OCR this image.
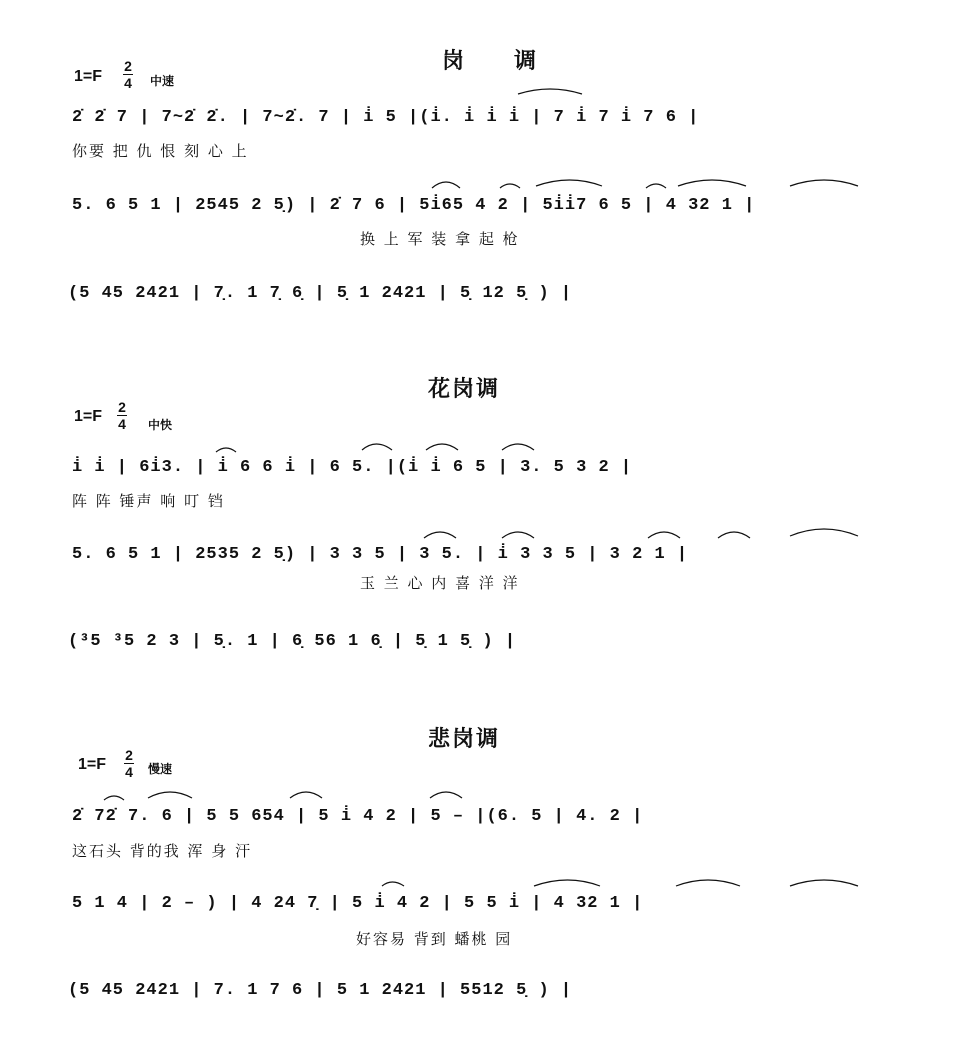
岗　　调
1=F
2
4 中速
2̇ 2̇ 7 | 7~2̇ 2̇. | 7~2̇. 7 | i̇ 5 |(i̇. i̇ i̇ i̇ | 7 i̇ 7 i̇ 7 6 |
你要 把 仇 恨 刻 心 上
5. 6 5 1 | 2545 2 5̣) | 2̇ 7 6 | 5i̇65 4 2 | 5i̇i̇7 6 5 | 4 32 1 |
换 上 军 装 拿 起 枪
(5 45 2421 | 7̣. 1 7̣ 6̣ | 5̣ 1 2421 | 5̣ 12 5̣ ) |
花岗调
1=F
2
4 中快
i̇ i̇ | 6i̇3. | i̇ 6 6 i̇ | 6 5. |(i̇ i̇ 6 5 | 3. 5 3 2 |
阵 阵 锤声 响 叮 铛
5. 6 5 1 | 2535 2 5̣) | 3 3 5 | 3 5. | i̇ 3 3 5 | 3 2 1 |
玉 兰 心 内 喜 洋 洋
(³5 ³5 2 3 | 5̣. 1 | 6̣ 56 1 6̣ | 5̣ 1 5̣ ) |
悲岗调
1=F
2
4 慢速
2̇ 72̇ 7. 6 | 5 5 654 | 5 i̇ 4 2 | 5 – |(6. 5 | 4. 2 |
这石头 背的我 浑 身 汗
5 1 4 | 2 – ) | 4 24 7̣ | 5 i̇ 4 2 | 5 5 i̇ | 4 32 1 |
好容易 背到 蟠桃 园
(5 45 2421 | 7. 1 7 6 | 5 1 2421 | 5512 5̣ ) |
